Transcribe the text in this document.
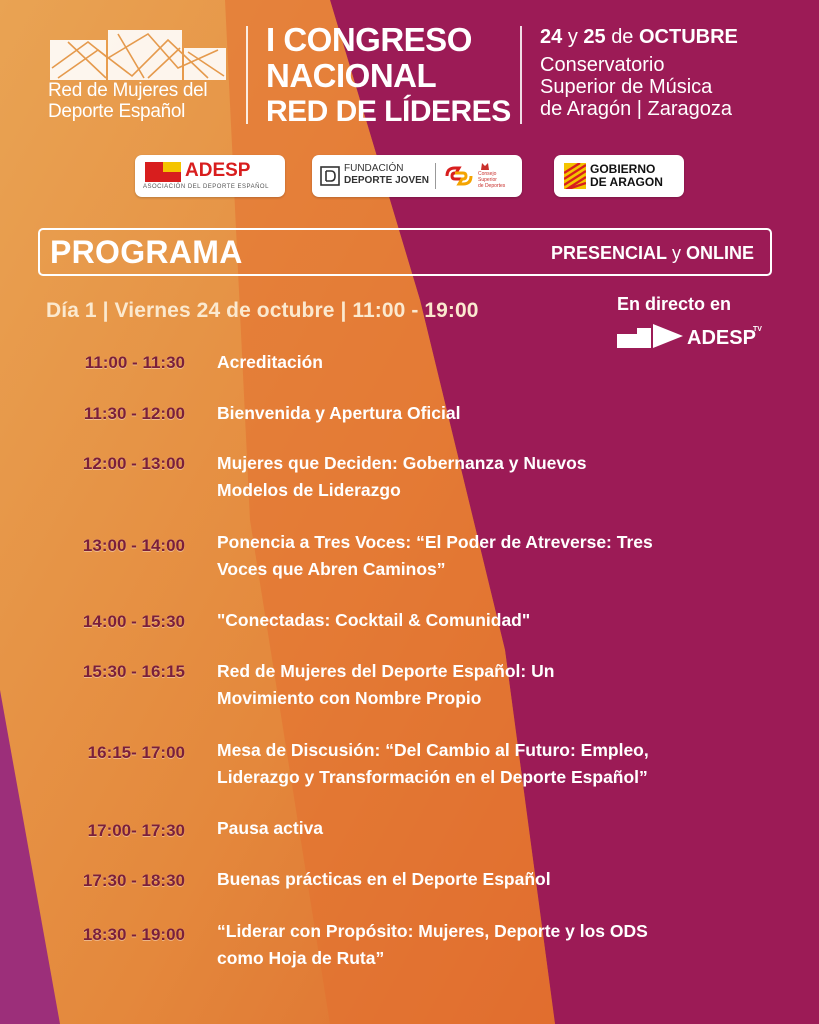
Red de Mujeres del
Deporte Español
I CONGRESO
NACIONAL
RED DE LÍDERES
24 y 25 de OCTUBRE
Conservatorio
Superior de Música
de Aragón | Zaragoza
ADESP
ASOCIACIÓN DEL DEPORTE ESPAÑOL
FUNDACIÓN
DEPORTE JOVEN
Consejo
Superior
de Deportes
GOBIERNO
DE ARAGON
PROGRAMA	PRESENCIAL y ONLINE
Día 1 | Viernes 24 de octubre | 11:00 - 19:00	En directo en
ADESP
TV
11:00 - 11:30 Acreditación
11:30 - 12:00 Bienvenida y Apertura Oficial
12:00 - 13:00 Mujeres que Deciden: Gobernanza y Nuevos
Modelos de Liderazgo
13:00 - 14:00 Ponencia a Tres Voces: “El Poder de Atreverse: Tres
Voces que Abren Caminos”
14:00 - 15:30 "Conectadas: Cocktail & Comunidad"
15:30 - 16:15 Red de Mujeres del Deporte Español: Un
Movimiento con Nombre Propio
16:15- 17:00 Mesa de Discusión: “Del Cambio al Futuro: Empleo,
Liderazgo y Transformación en el Deporte Español”
17:00- 17:30 Pausa activa
17:30 - 18:30 Buenas prácticas en el Deporte Español
18:30 - 19:00 “Liderar con Propósito: Mujeres, Deporte y los ODS
como Hoja de Ruta”
